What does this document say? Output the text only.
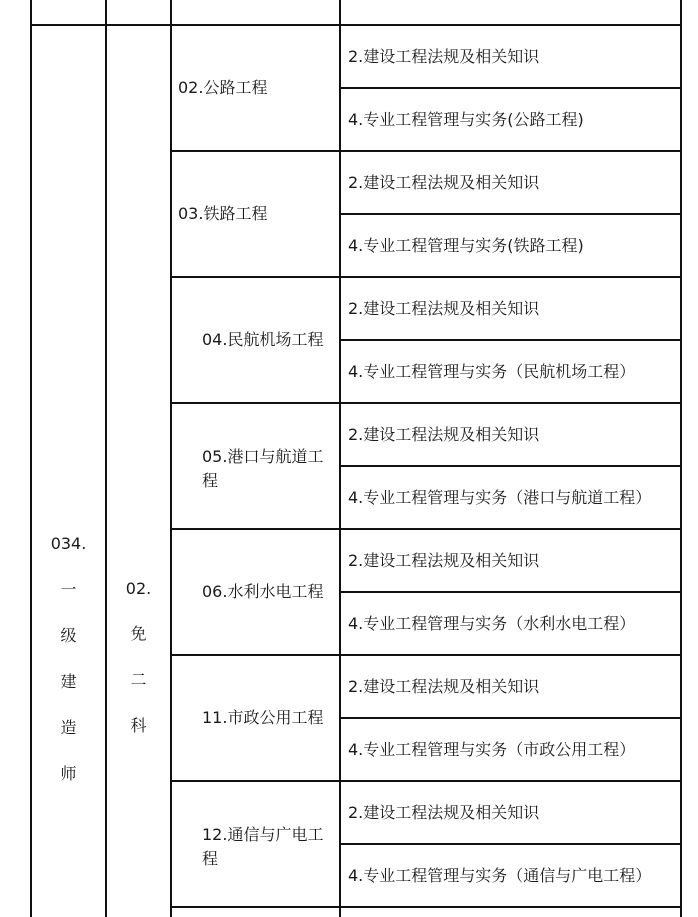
034.
一
级
建
造
师
02.
免
二
科
02.公路工程
2.建设工程法规及相关知识
4.专业工程管理与实务(公路工程)
03.铁路工程
2.建设工程法规及相关知识
4.专业工程管理与实务(铁路工程)
04.民航机场工程
2.建设工程法规及相关知识
4.专业工程管理与实务（民航机场工程）
05.港口与航道工程
2.建设工程法规及相关知识
4.专业工程管理与实务（港口与航道工程）
06.水利水电工程
2.建设工程法规及相关知识
4.专业工程管理与实务（水利水电工程）
11.市政公用工程
2.建设工程法规及相关知识
4.专业工程管理与实务（市政公用工程）
12.通信与广电工程
2.建设工程法规及相关知识
4.专业工程管理与实务（通信与广电工程）
